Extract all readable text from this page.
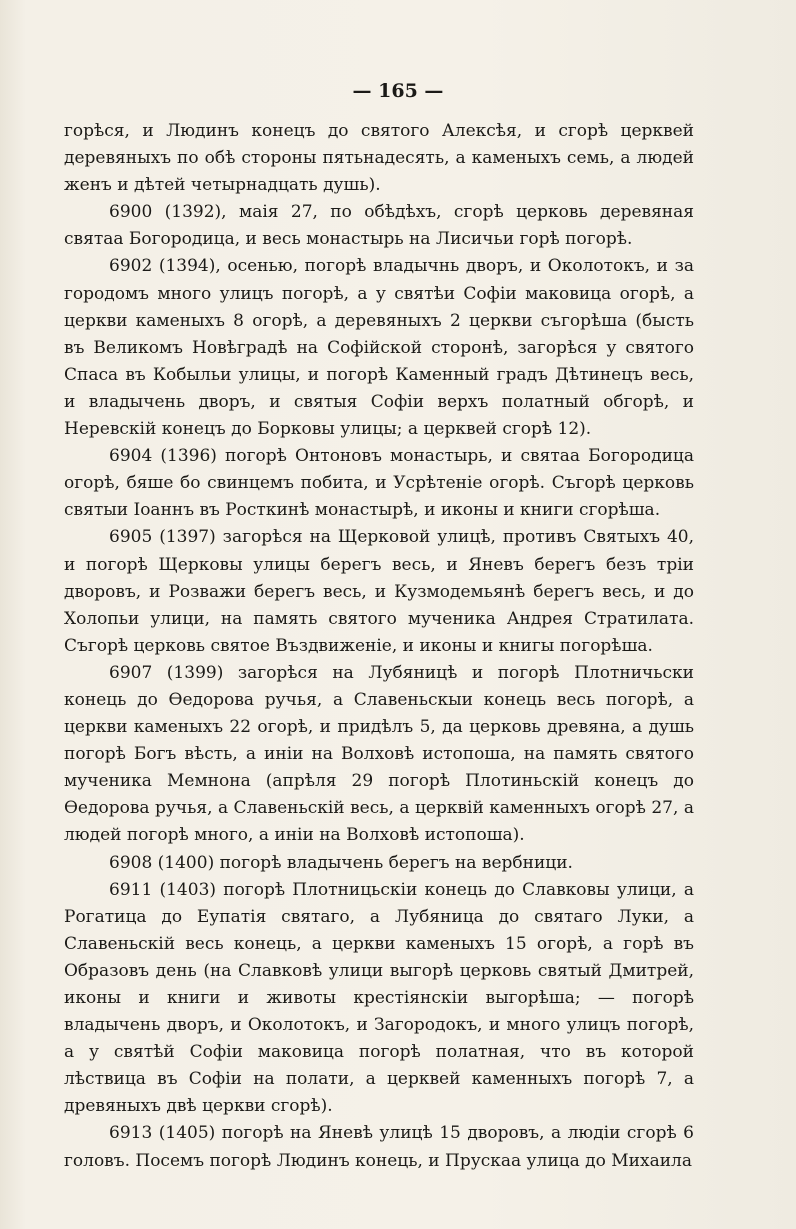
— 165 —

горѣся, и Людинъ конецъ до святого Алексѣя, и сгорѣ церквей деревяныхъ по обѣ стороны пятьнадесять, а каменыхъ семь, а людей женъ и дѣтей четырнадцать душь).

6900 (1392), маія 27, по обѣдѣхъ, сгорѣ церковь деревяная святаа Богородица, и весь монастырь на Лисичьи горѣ погорѣ.

6902 (1394), осенью, погорѣ владычнь дворъ, и Околотокъ, и за городомъ много улицъ погорѣ, а у святѣи Софіи маковица огорѣ, а церкви каменыхъ 8 огорѣ, а деревяныхъ 2 церкви съгорѣша (бысть въ Великомъ Новѣградѣ на Софійской сторонѣ, загорѣся у святого Спаса въ Кобыльи улицы, и погорѣ Каменный градъ Дѣтинецъ весь, и владычень дворъ, и святыя Софіи верхъ полатный обгорѣ, и Неревскій конецъ до Борковы улицы; а церквей сгорѣ 12).

6904 (1396) погорѣ Онтоновъ монастырь, и святаа Богородица огорѣ, бяше бо свинцемъ побита, и Усрѣтеніе огорѣ. Съгорѣ церковь святыи Іоаннъ въ Росткинѣ монастырѣ, и иконы и книги сгорѣша.

6905 (1397) загорѣся на Щерковой улицѣ, противъ Святыхъ 40, и погорѣ Щерковы улицы берегъ весь, и Яневъ берегъ безъ тріи дворовъ, и Розважи берегъ весь, и Кузмодемьянѣ берегъ весь, и до Холопьи улици, на память святого мученика Андрея Стратилата. Съгорѣ церковь святое Въздвиженіе, и иконы и книгы погорѣша.

6907 (1399) загорѣся на Лубяницѣ и погорѣ Плотничьски конець до Ѳедорова ручья, а Славеньскыи конець весь погорѣ, а церкви каменыхъ 22 огорѣ, и придѣлъ 5, да церковь древяна, а душь погорѣ Богъ вѣсть, а иніи на Волховѣ истопоша, на память святого мученика Мемнона (апрѣля 29 погорѣ Плотиньскій конецъ до Ѳедорова ручья, а Славеньскій весь, а церквій каменныхъ огорѣ 27, а людей погорѣ много, а иніи на Волховѣ истопоша).

6908 (1400) погорѣ владычень берегъ на вербници.

6911 (1403) погорѣ Плотницьскіи конець до Славковы улици, а Рогатица до Еупатія святаго, а Лубяница до святаго Луки, а Славеньскій весь конець, а церкви каменыхъ 15 огорѣ, а горѣ въ Образовъ день (на Славковѣ улици выгорѣ церковь святый Дмитрей, иконы и книги и животы крестіянскіи выгорѣша; — погорѣ владычень дворъ, и Околотокъ, и Загородокъ, и много улицъ погорѣ, а у святѣй Софіи маковица погорѣ полатная, что въ которой лѣствица въ Софіи на полати, а церквей каменныхъ погорѣ 7, а древяныхъ двѣ церкви сгорѣ).

6913 (1405) погорѣ на Яневѣ улицѣ 15 дворовъ, а людіи сгорѣ 6 головъ. Посемъ погорѣ Людинъ конець, и Прускаа улица до Михаила
